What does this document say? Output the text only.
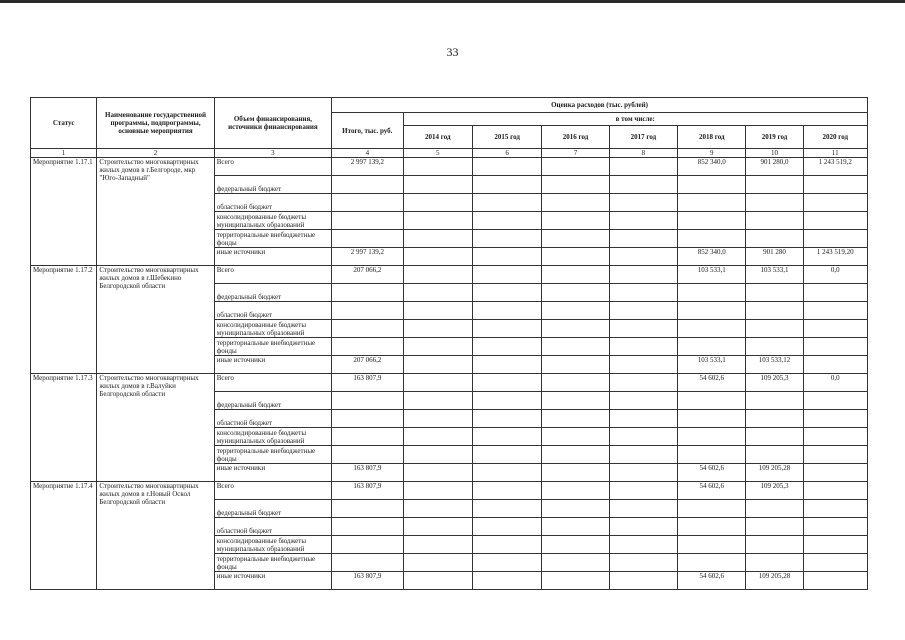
33
Статус	Наименование государственной программы, подпрограммы, основные мероприятия	Объем финансирования, источники финансирования	Оценка расходов (тыс. рублей)							
			Итого, тыс. руб.	в том числе:						
				2014 год	2015 год	2016 год	2017 год	2018 год	2019 год	2020 год
1	2	3	4	5	6	7	8	9	10	11
Мероприятие 1.17.1	Строительство многоквартирных жилых домов в г.Белгороде, мкр "Юго-Западный"	Всего	2 997 139,2					852 340,0	901 280,0	1 243 519,2
		федеральный бюджет								
		областной бюджет								
		консолидированные бюджеты муниципальных образований								
		территориальные внебюджетные фонды								
		иные источники	2 997 139,2					852 340,0	901 280	1 243 519,20
Мероприятие 1.17.2	Строительство многоквартирных жилых домов в г.Шебекино Белгородской области	Всего	207 066,2					103 533,1	103 533,1	0,0
		федеральный бюджет								
		областной бюджет								
		консолидированные бюджеты муниципальных образований								
		территориальные внебюджетные фонды								
		иные источники	207 066,2					103 533,1	103 533,12	
Мероприятие 1.17.3	Строительство многоквартирных жилых домов в г.Валуйки Белгородской области	Всего	163 807,9					54 602,6	109 205,3	0,0
		федеральный бюджет								
		областной бюджет								
		консолидированные бюджеты муниципальных образований								
		территориальные внебюджетные фонды								
		иные источники	163 807,9					54 602,6	109 205,28	
Мероприятие 1.17.4	Строительство многоквартирных жилых домов в г.Новый Оскол Белгородской области	Всего	163 807,9					54 602,6	109 205,3	
		федеральный бюджет								
		областной бюджет								
		консолидированные бюджеты муниципальных образований								
		территориальные внебюджетные фонды								
		иные источники	163 807,9					54 602,6	109 205,28	
